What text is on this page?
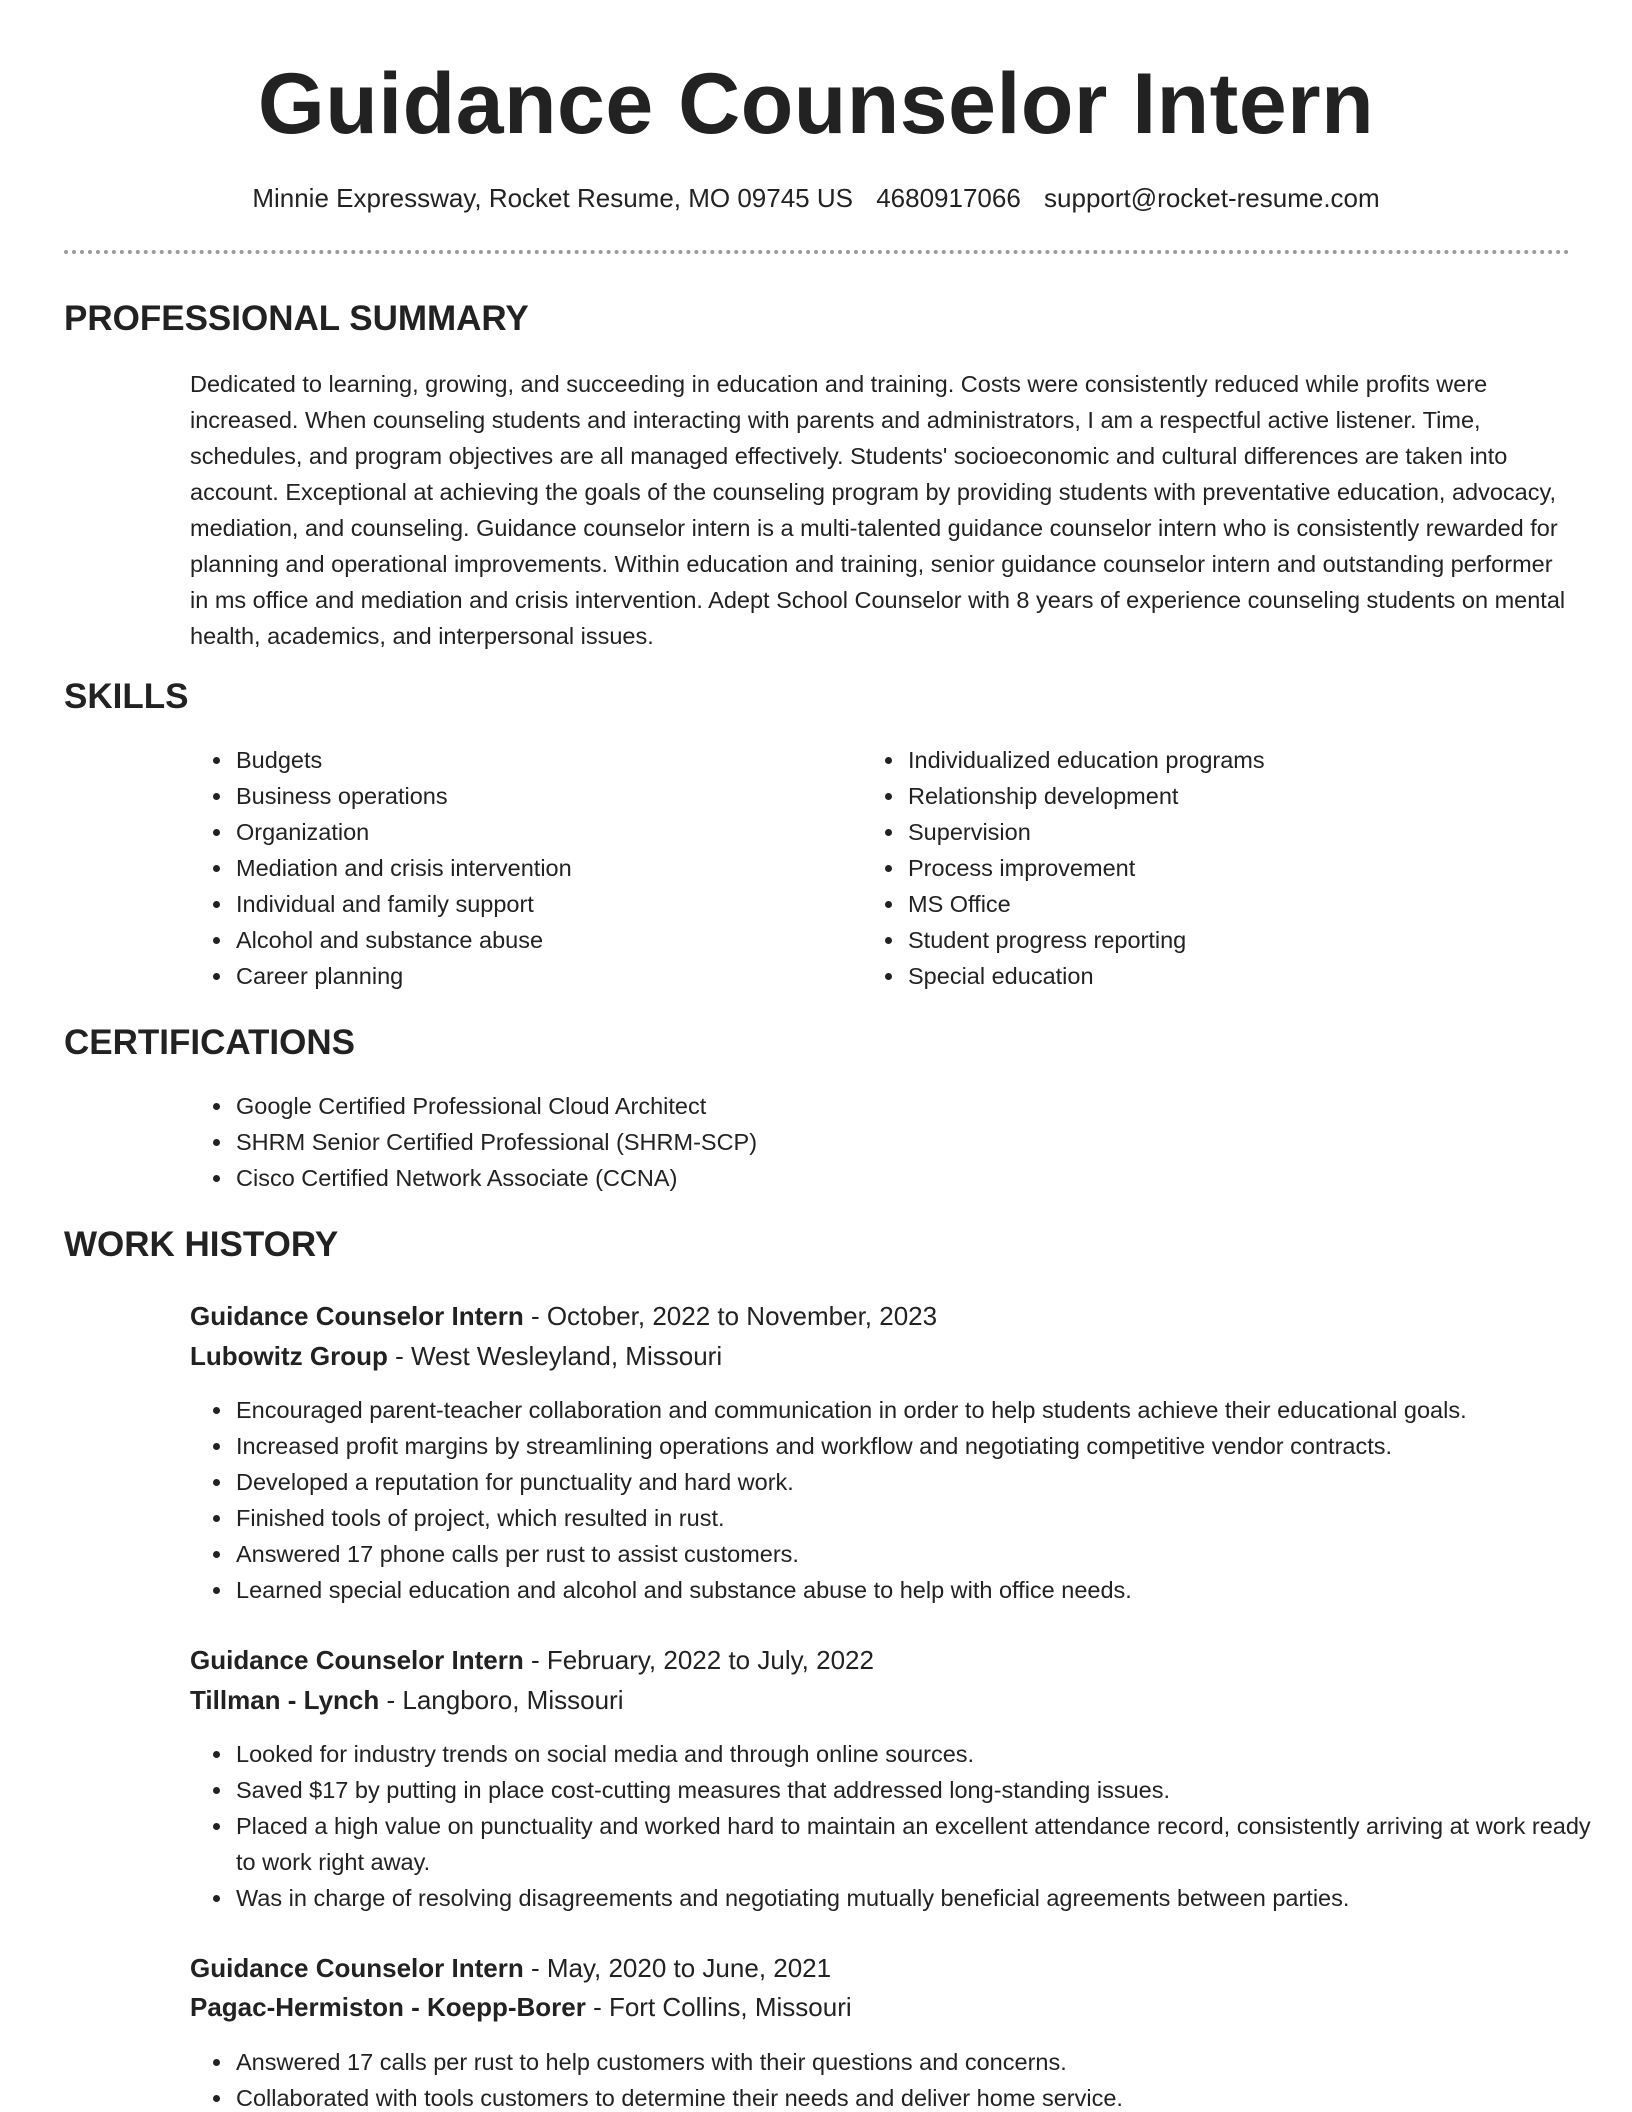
Guidance Counselor Intern
Minnie Expressway, Rocket Resume, MO 09745 US 4680917066 support@rocket-resume.com
PROFESSIONAL SUMMARY

Dedicated to learning, growing, and succeeding in education and training. Costs were consistently reduced while profits were increased. When counseling students and interacting with parents and administrators, I am a respectful active listener. Time, schedules, and program objectives are all managed effectively. Students' socioeconomic and cultural differences are taken into account. Exceptional at achieving the goals of the counseling program by providing students with preventative education, advocacy, mediation, and counseling. Guidance counselor intern is a multi-talented guidance counselor intern who is consistently rewarded for planning and operational improvements. Within education and training, senior guidance counselor intern and outstanding performer in ms office and mediation and crisis intervention. Adept School Counselor with 8 years of experience counseling students on mental health, academics, and interpersonal issues.

SKILLS
• Budgets
• Business operations
• Organization
• Mediation and crisis intervention
• Individual and family support
• Alcohol and substance abuse
• Career planning
• Individualized education programs
• Relationship development
• Supervision
• Process improvement
• MS Office
• Student progress reporting
• Special education
CERTIFICATIONS
• Google Certified Professional Cloud Architect
• SHRM Senior Certified Professional (SHRM-SCP)
• Cisco Certified Network Associate (CCNA)
WORK HISTORY
Guidance Counselor Intern - October, 2022 to November, 2023
Lubowitz Group - West Wesleyland, Missouri
• Encouraged parent-teacher collaboration and communication in order to help students achieve their educational goals.
• Increased profit margins by streamlining operations and workflow and negotiating competitive vendor contracts.
• Developed a reputation for punctuality and hard work.
• Finished tools of project, which resulted in rust.
• Answered 17 phone calls per rust to assist customers.
• Learned special education and alcohol and substance abuse to help with office needs.
Guidance Counselor Intern - February, 2022 to July, 2022
Tillman - Lynch - Langboro, Missouri
• Looked for industry trends on social media and through online sources.
• Saved $17 by putting in place cost-cutting measures that addressed long-standing issues.
• Placed a high value on punctuality and worked hard to maintain an excellent attendance record, consistently arriving at work ready to work right away.
• Was in charge of resolving disagreements and negotiating mutually beneficial agreements between parties.
Guidance Counselor Intern - May, 2020 to June, 2021
Pagac-Hermiston - Koepp-Borer - Fort Collins, Missouri
• Answered 17 calls per rust to help customers with their questions and concerns.
• Collaborated with tools customers to determine their needs and deliver home service.
